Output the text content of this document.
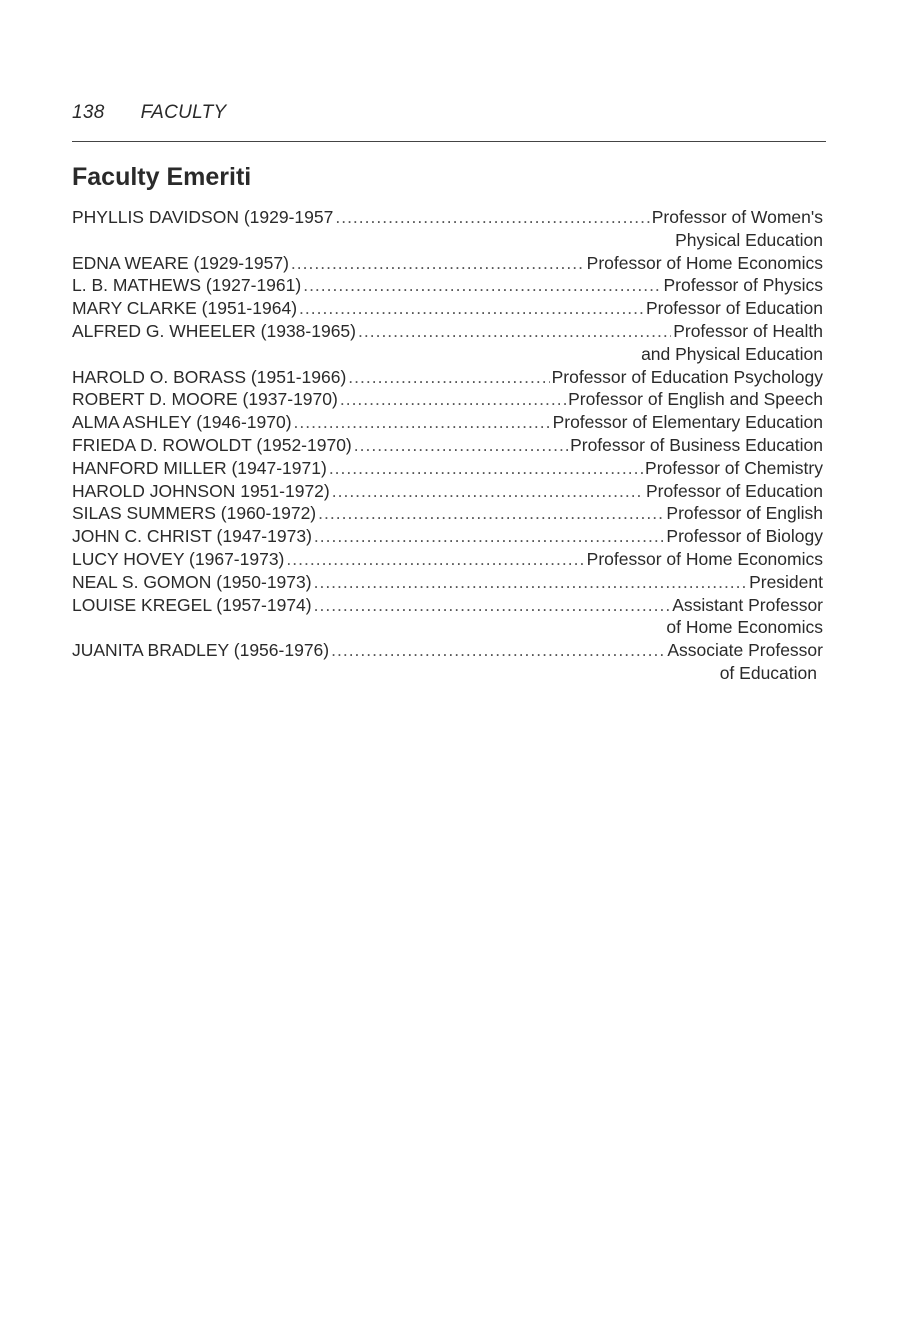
138 FACULTY
Faculty Emeriti
PHYLLIS DAVIDSON (1929-1957 .....	Professor of Women's
Physical Education
EDNA WEARE (1929-1957) .....	Professor of Home Economics
L. B. MATHEWS (1927-1961) .....	Professor of Physics
MARY CLARKE (1951-1964) .....	Professor of Education
ALFRED G. WHEELER (1938-1965) .....	Professor of Health
and Physical Education
HAROLD O. BORASS (1951-1966) .....	Professor of Education Psychology
ROBERT D. MOORE (1937-1970) .....	Professor of English and Speech
ALMA ASHLEY (1946-1970) .....	Professor of Elementary Education
FRIEDA D. ROWOLDT (1952-1970) .....	Professor of Business Education
HANFORD MILLER (1947-1971) .....	Professor of Chemistry
HAROLD JOHNSON 1951-1972) .....	Professor of Education
SILAS SUMMERS (1960-1972) .....	Professor of English
JOHN C. CHRIST (1947-1973) .....	Professor of Biology
LUCY HOVEY (1967-1973) .....	Professor of Home Economics
NEAL S. GOMON (1950-1973) .....	President
LOUISE KREGEL (1957-1974) .....	Assistant Professor
of Home Economics
JUANITA BRADLEY (1956-1976) .....	Associate Professor
of Education
